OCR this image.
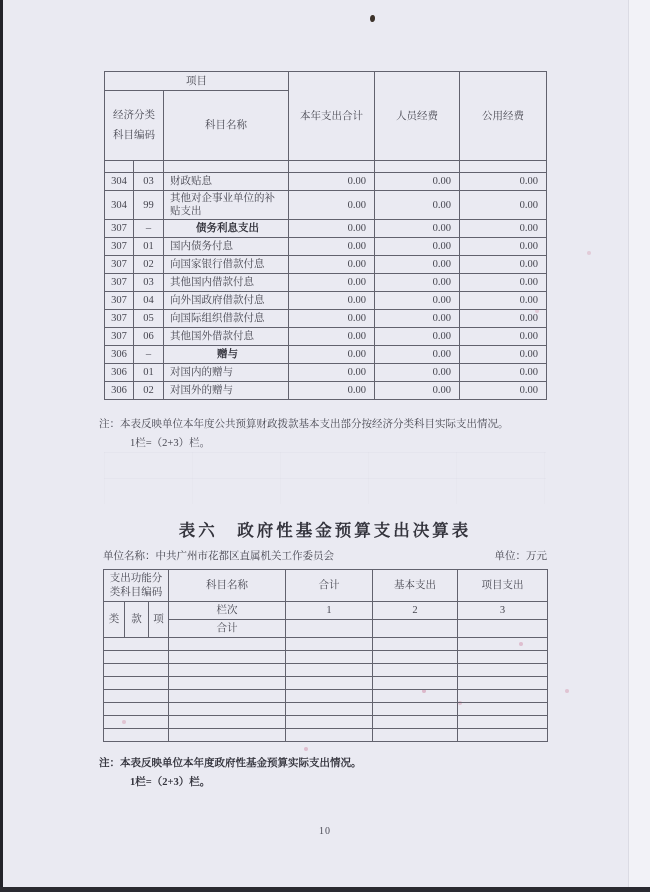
项目			本年支出合计	人员经费	公用经费

经济分类
科目编码		科目名称			

304	03	财政贴息	0.00	0.00	0.00
304	99	其他对企事业单位的补贴支出	0.00	0.00	0.00
307	–	债务利息支出	0.00	0.00	0.00
307	01	国内债务付息	0.00	0.00	0.00
307	02	向国家银行借款付息	0.00	0.00	0.00
307	03	其他国内借款付息	0.00	0.00	0.00
307	04	向外国政府借款付息	0.00	0.00	0.00
307	05	向国际组织借款付息	0.00	0.00	0.00
307	06	其他国外借款付息	0.00	0.00	0.00
306	–	赠与	0.00	0.00	0.00
306	01	对国内的赠与	0.00	0.00	0.00
306	02	对国外的赠与	0.00	0.00	0.00
注：本表反映单位本年度公共预算财政拨款基本支出部分按经济分类科目实际支出情况。
1栏=（2+3）栏。
表六　政府性基金预算支出决算表
单位名称：中共广州市花都区直属机关工作委员会	单位：万元
支出功能分
类科目编码			科目名称	合计	基本支出	项目支出
类	款	项	栏次	1	2	3
			合计			

注：本表反映单位本年度政府性基金预算实际支出情况。
1栏=（2+3）栏。
10
